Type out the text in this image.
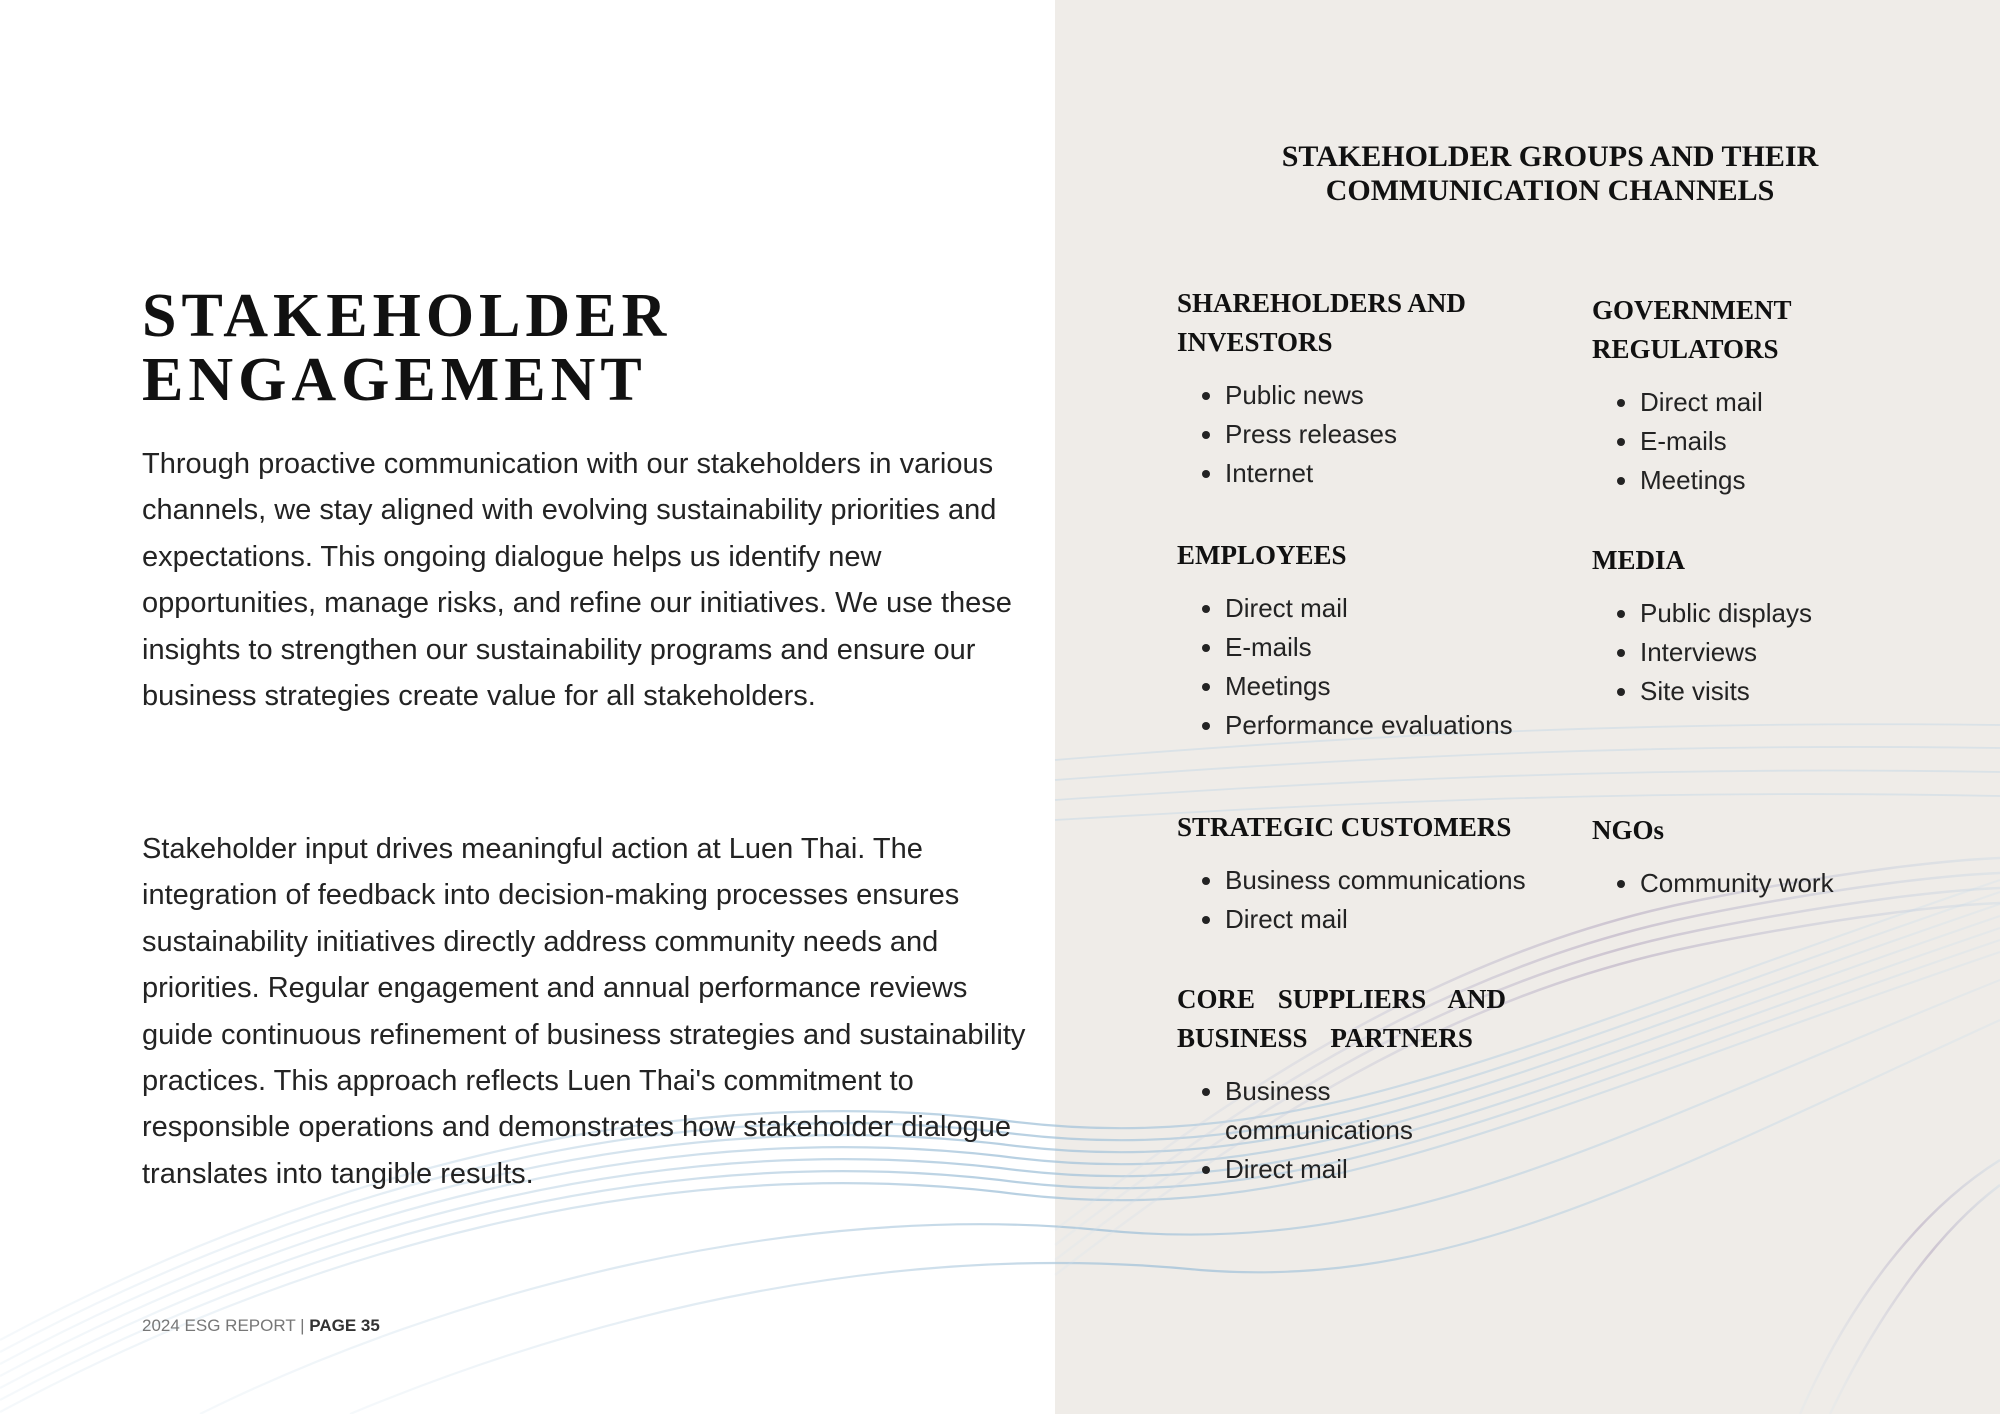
STAKEHOLDER ENGAGEMENT

Through proactive communication with our stakeholders in various channels, we stay aligned with evolving sustainability priorities and expectations. This ongoing dialogue helps us identify new opportunities, manage risks, and refine our initiatives. We use these insights to strengthen our sustainability programs and ensure our business strategies create value for all stakeholders.

Stakeholder input drives meaningful action at Luen Thai. The integration of feedback into decision-making processes ensures sustainability initiatives directly address community needs and priorities. Regular engagement and annual performance reviews guide continuous refinement of business strategies and sustainability practices. This approach reflects Luen Thai's commitment to responsible operations and demonstrates how stakeholder dialogue translates into tangible results.

2024 ESG REPORT | PAGE 35

STAKEHOLDER GROUPS AND THEIR COMMUNICATION CHANNELS
SHAREHOLDERS AND INVESTORS
• Public news
• Press releases
• Internet
EMPLOYEES
• Direct mail
• E-mails
• Meetings
• Performance evaluations
STRATEGIC CUSTOMERS
• Business communications
• Direct mail
CORE SUPPLIERS AND BUSINESS PARTNERS
• Business communications
• Direct mail
GOVERNMENT REGULATORS
• Direct mail
• E-mails
• Meetings
MEDIA
• Public displays
• Interviews
• Site visits
NGOs
• Community work
